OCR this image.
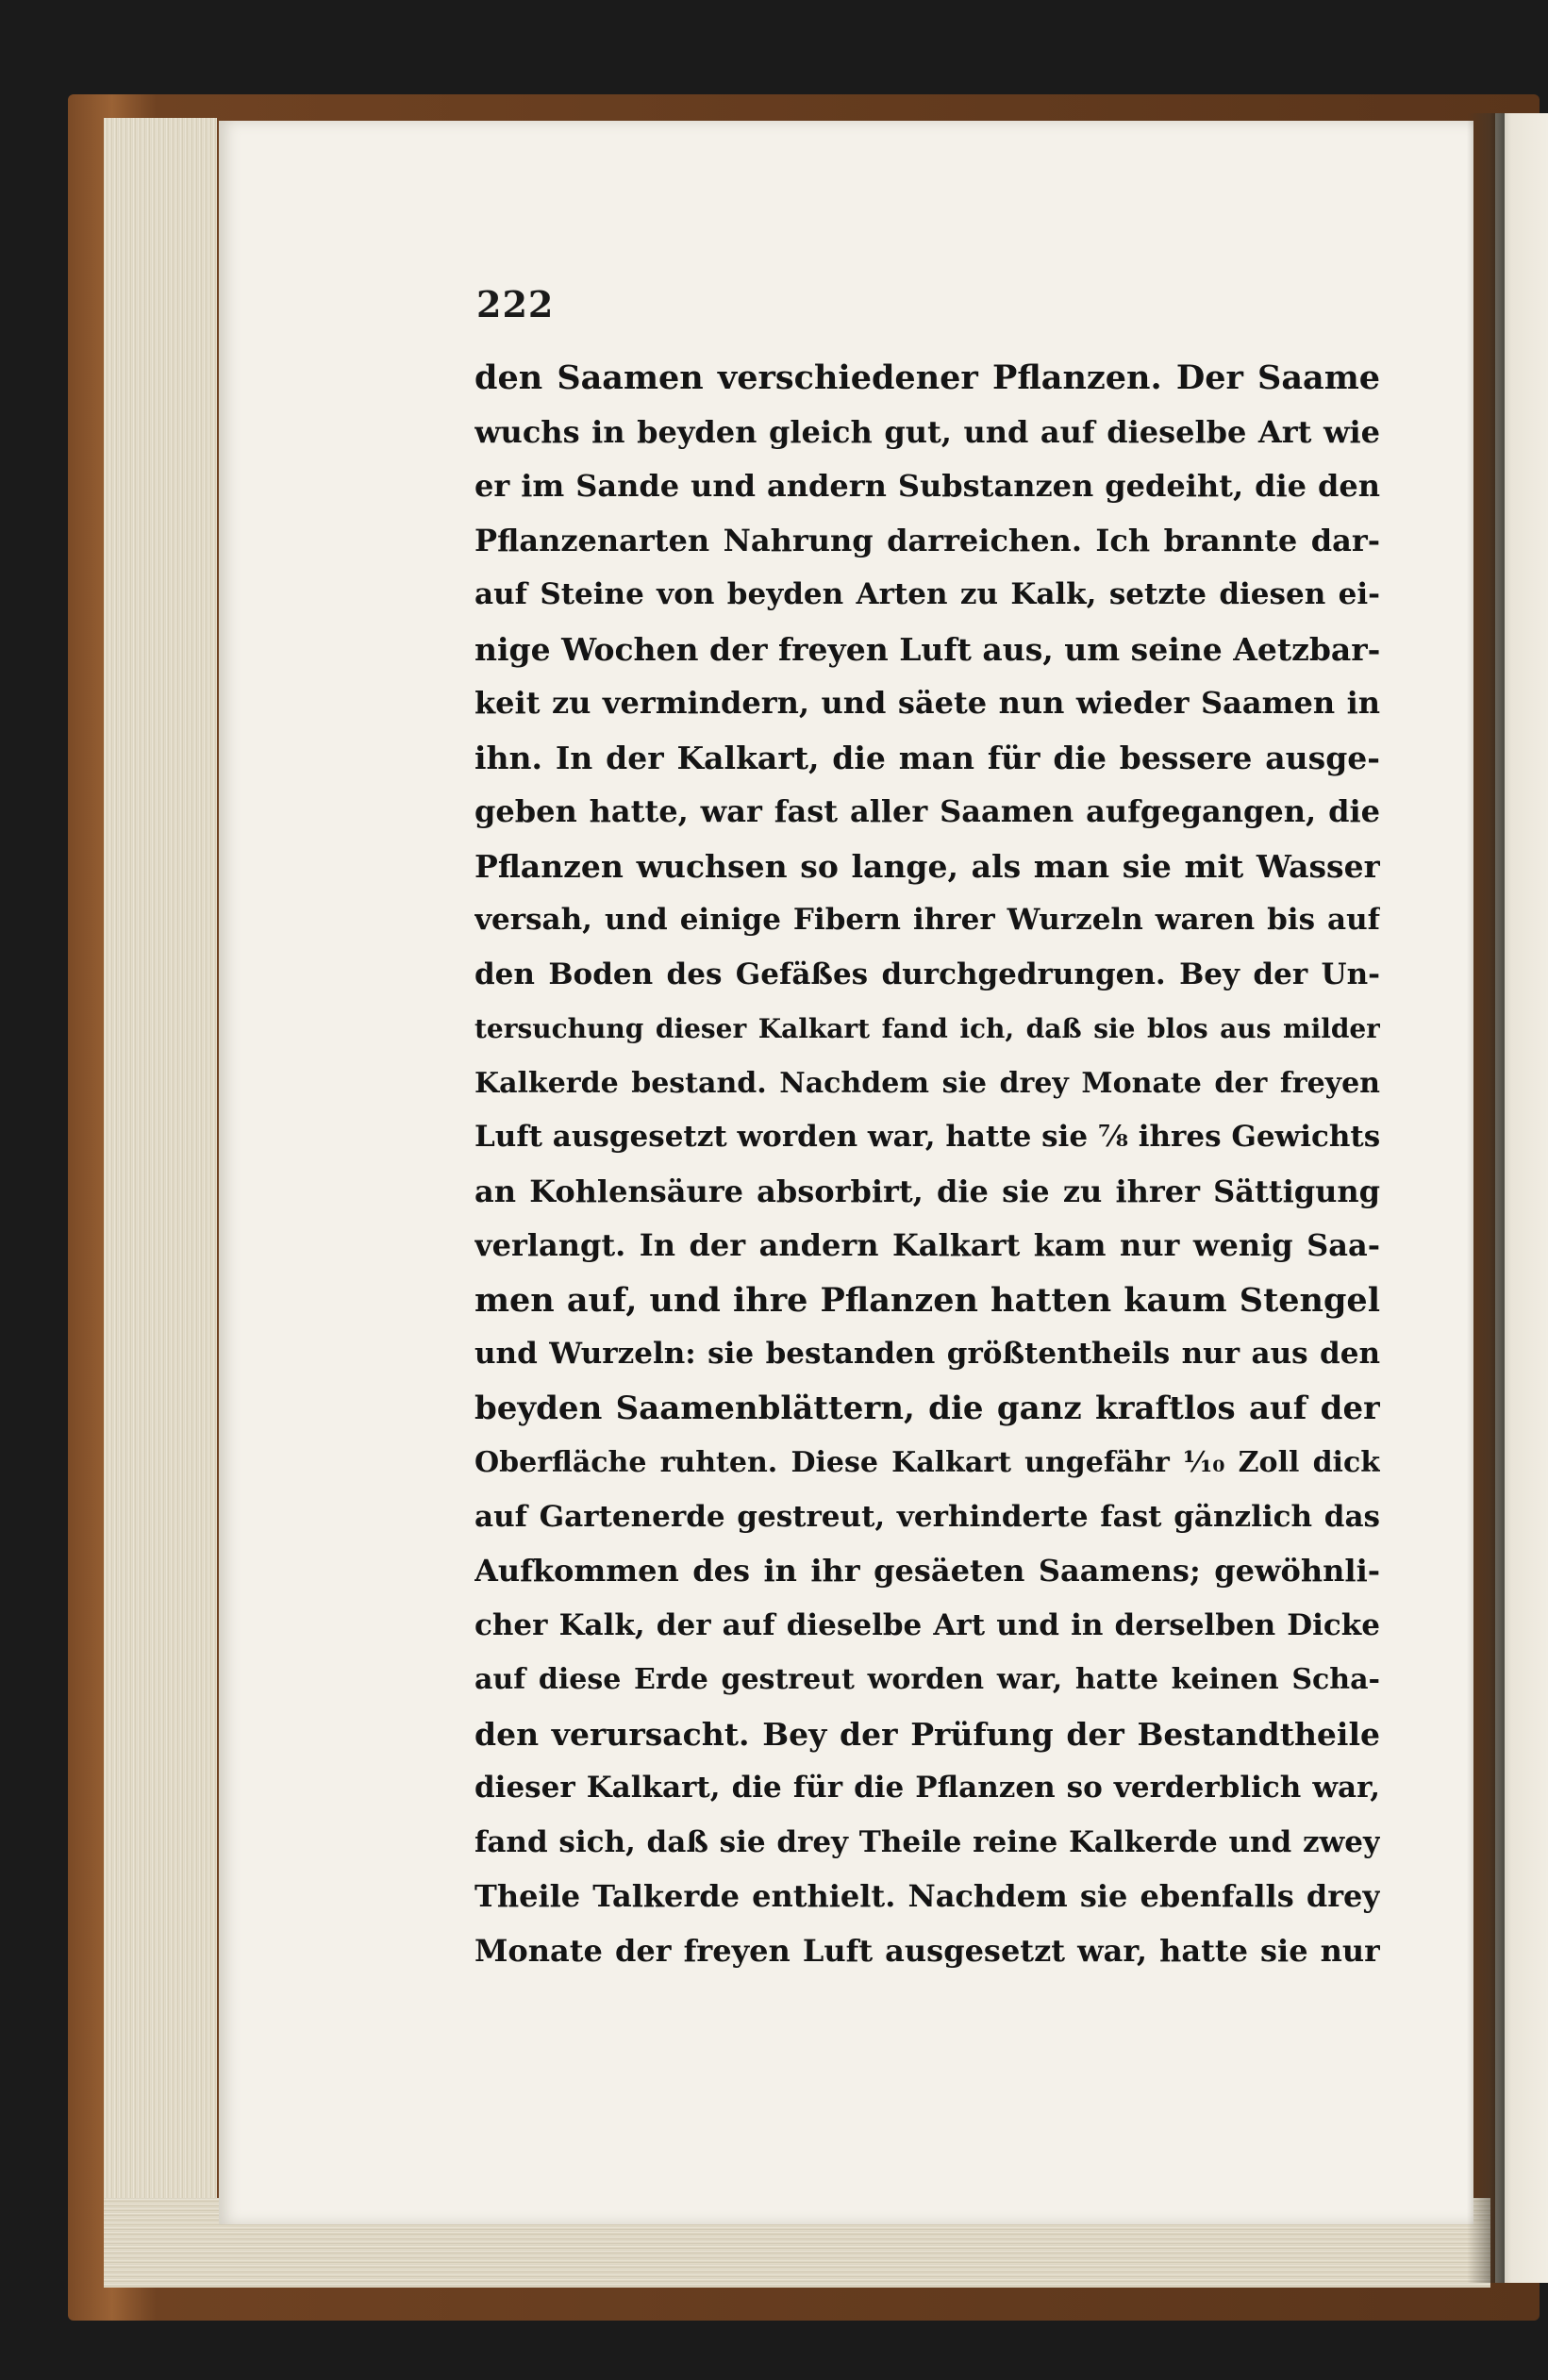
222
den Saamen verschiedener Pflanzen. Der Saame
wuchs in beyden gleich gut, und auf dieselbe Art wie
er im Sande und andern Substanzen gedeiht, die den
Pflanzenarten Nahrung darreichen. Ich brannte dar-
auf Steine von beyden Arten zu Kalk, setzte diesen ei-
nige Wochen der freyen Luft aus, um seine Aetzbar-
keit zu vermindern, und säete nun wieder Saamen in
ihn. In der Kalkart, die man für die bessere ausge-
geben hatte, war fast aller Saamen aufgegangen, die
Pflanzen wuchsen so lange, als man sie mit Wasser
versah, und einige Fibern ihrer Wurzeln waren bis auf
den Boden des Gefäßes durchgedrungen. Bey der Un-
tersuchung dieser Kalkart fand ich, daß sie blos aus milder
Kalkerde bestand. Nachdem sie drey Monate der freyen
Luft ausgesetzt worden war, hatte sie ⅞ ihres Gewichts
an Kohlensäure absorbirt, die sie zu ihrer Sättigung
verlangt. In der andern Kalkart kam nur wenig Saa-
men auf, und ihre Pflanzen hatten kaum Stengel
und Wurzeln: sie bestanden größtentheils nur aus den
beyden Saamenblättern, die ganz kraftlos auf der
Oberfläche ruhten. Diese Kalkart ungefähr ¹⁄₁₀ Zoll dick
auf Gartenerde gestreut, verhinderte fast gänzlich das
Aufkommen des in ihr gesäeten Saamens; gewöhnli-
cher Kalk, der auf dieselbe Art und in derselben Dicke
auf diese Erde gestreut worden war, hatte keinen Scha-
den verursacht. Bey der Prüfung der Bestandtheile
dieser Kalkart, die für die Pflanzen so verderblich war,
fand sich, daß sie drey Theile reine Kalkerde und zwey
Theile Talkerde enthielt. Nachdem sie ebenfalls drey
Monate der freyen Luft ausgesetzt war, hatte sie nur
